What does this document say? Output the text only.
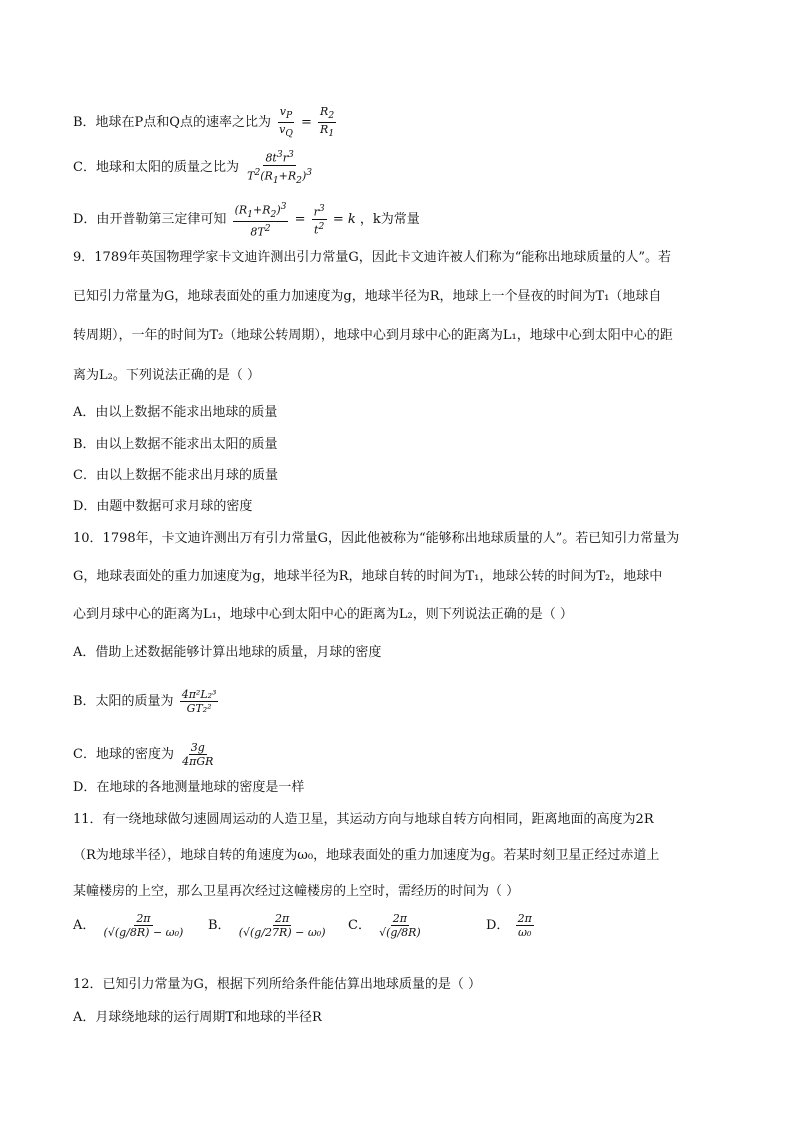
B．地球在P点和Q点的速率之比为 $\frac{v_P}{v_Q} = \frac{R_2}{R_1}$
C．地球和太阳的质量之比为 $\frac{8t^3r^3}{T^2(R_1+R_2)^3}$
D．由开普勒第三定律可知 $\frac{(R_1+R_2)^3}{8T^2} = \frac{r^3}{t^2} = k$ ，k为常量
9．1789年英国物理学家卡文迪许测出引力常量G，因此卡文迪许被人们称为“能称出地球质量的人”。若
已知引力常量为G，地球表面处的重力加速度为g，地球半径为R，地球上一个昼夜的时间为T₁（地球自
转周期），一年的时间为T₂（地球公转周期），地球中心到月球中心的距离为L₁，地球中心到太阳中心的距
离为L₂。下列说法正确的是（ ）
A．由以上数据不能求出地球的质量
B．由以上数据不能求出太阳的质量
C．由以上数据不能求出月球的质量
D．由题中数据可求月球的密度
10．1798年，卡文迪许测出万有引力常量G，因此他被称为“能够称出地球质量的人”。若已知引力常量为
G，地球表面处的重力加速度为g，地球半径为R，地球自转的时间为T₁，地球公转的时间为T₂，地球中
心到月球中心的距离为L₁，地球中心到太阳中心的距离为L₂，则下列说法正确的是（ ）
A．借助上述数据能够计算出地球的质量，月球的密度
B．太阳的质量为 $\frac{\text{4π²L₂³}}{\text{GT₂²}}$
C．地球的密度为 $\frac{3g}{\text{4πGR}}$
D．在地球的各地测量地球的密度是一样
11．有一绕地球做匀速圆周运动的人造卫星，其运动方向与地球自转方向相同，距离地面的高度为2R
（R为地球半径），地球自转的角速度为ω₀，地球表面处的重力加速度为g。若某时刻卫星正经过赤道上
某幢楼房的上空，那么卫星再次经过这幢楼房的上空时，需经历的时间为（ ）
A． $\frac{2\pi}{\text{(√(g/8R) − ω₀)}}$ B． $\frac{2\pi}{\text{(√(g/27R) − ω₀)}}$ C． $\frac{2\pi}{√(g/8R)}$	D． $\frac{2\pi}{\text{ω₀}}$
12．已知引力常量为G，根据下列所给条件能估算出地球质量的是（ ）
A．月球绕地球的运行周期T和地球的半径R
